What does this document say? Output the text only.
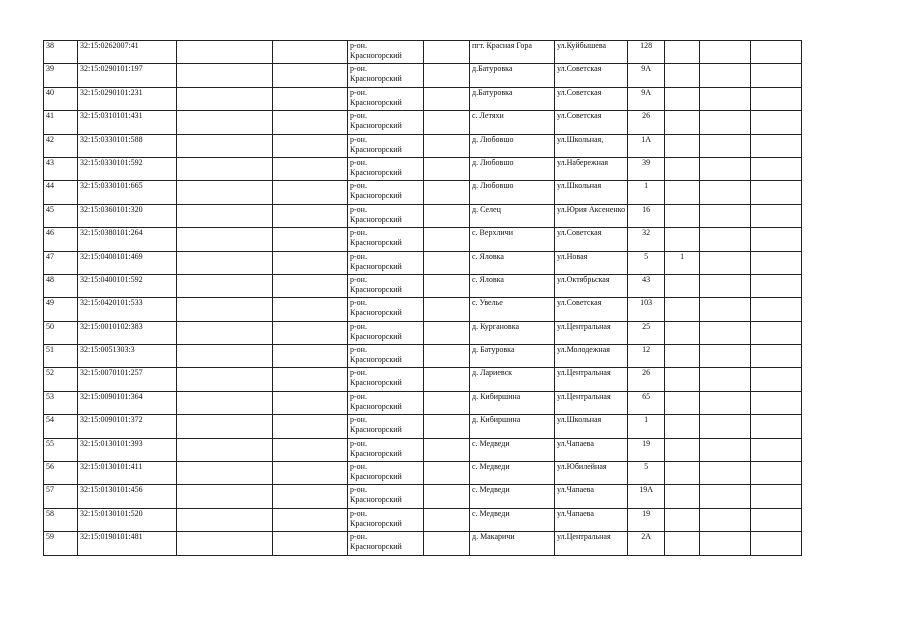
38	32:15:0262007:41			р-он.
Красногорский		пгт. Красная Гора	ул.Куйбышева	128			
39	32:15:0290101:197			р-он.
Красногорский		д.Батуровка	ул.Советская	9А			
40	32:15:0290101:231			р-он.
Красногорский		д.Батуровка	ул.Советская	9А			
41	32:15:0310101:431			р-он.
Красногорский		с. Летяхи	ул.Советская	26			
42	32:15:0330101:588			р-он.
Красногорский		д. Любовшо	ул.Школьная,	1А			
43	32:15:0330101:592			р-он.
Красногорский		д. Любовшо	ул.Набережная	39			
44	32:15:0330101:665			р-он.
Красногорский		д. Любовшо	ул.Школьная	1			
45	32:15:0360101:320			р-он.
Красногорский		д. Селец	ул.Юрия Аксененко	16			
46	32:15:0380101:264			р-он.
Красногорский		с. Верхличи	ул.Советская	32			
47	32:15:0400101:469			р-он.
Красногорский		с. Яловка	ул.Новая	5	1		
48	32:15:0400101:592			р-он.
Красногорский		с. Яловка	ул.Октябрьская	43			
49	32:15:0420101:533			р-он.
Красногорский		с. Увелье	ул.Советская	103			
50	32:15:0010102:383			р-он.
Красногорский		д. Кургановка	ул.Центральная	25			
51	32:15:0051303:3			р-он.
Красногорский		д. Батуровка	ул.Молодежная	12			
52	32:15:0070101:257			р-он.
Красногорский		д. Лариевск	ул.Центральная	26			
53	32:15:0090101:364			р-он.
Красногорский		д. Кибиршина	ул.Центральная	65			
54	32:15:0090101:372			р-он.
Красногорский		д. Кибиршина	ул.Школьная	1			
55	32:15:0130101:393			р-он.
Красногорский		с. Медведи	ул.Чапаева	19			
56	32:15:0130101:411			р-он.
Красногорский		с. Медведи	ул.Юбилейная	5			
57	32:15:0130101:456			р-он.
Красногорский		с. Медведи	ул.Чапаева	19А			
58	32:15:0130101:520			р-он.
Красногорский		с. Медведи	ул.Чапаева	19			
59	32:15:0190101:481			р-он.
Красногорский		д. Макаричи	ул.Центральная	2А			
